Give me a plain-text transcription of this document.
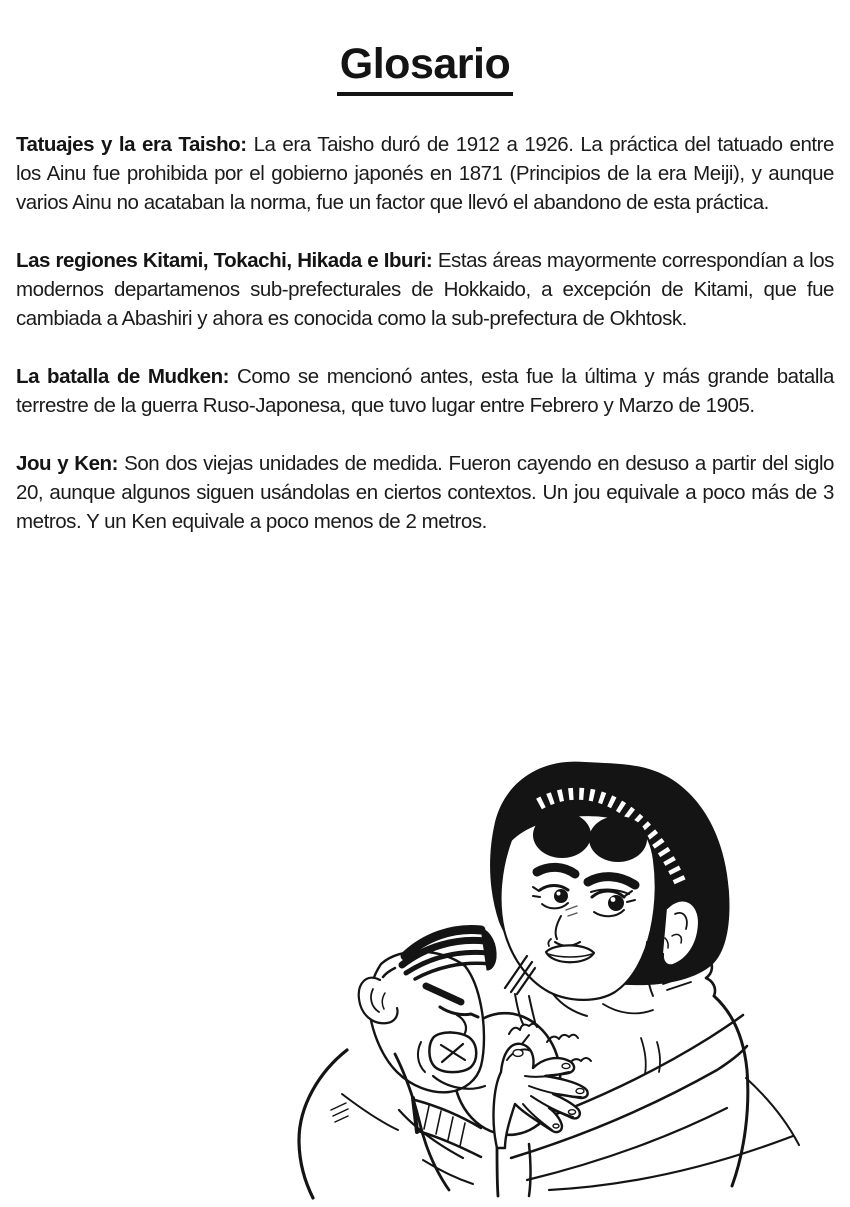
Glosario

Tatuajes y la era Taisho: La era Taisho duró de 1912 a 1926. La práctica del tatuado entre los Ainu fue prohibida por el gobierno japonés en 1871 (Principios de la era Meiji), y aunque varios Ainu no acataban la norma, fue un factor que llevó el abandono de esta práctica.

Las regiones Kitami, Tokachi, Hikada e Iburi: Estas áreas mayormente correspondían a los modernos departamenos sub-prefecturales de Hokkaido, a excepción de Kitami, que fue cambiada a Abashiri y ahora es conocida como la sub-prefectura de Okhtosk.

La batalla de Mudken: Como se mencionó antes, esta fue la última y más grande batalla terrestre de la guerra Ruso-Japonesa, que tuvo lugar entre Febrero y Marzo de 1905.

Jou y Ken: Son dos viejas unidades de medida. Fueron cayendo en desuso a partir del siglo 20, aunque algunos siguen usándolas en ciertos contextos. Un jou equivale a poco más de 3 metros. Y un Ken equivale a poco menos de 2 metros.
